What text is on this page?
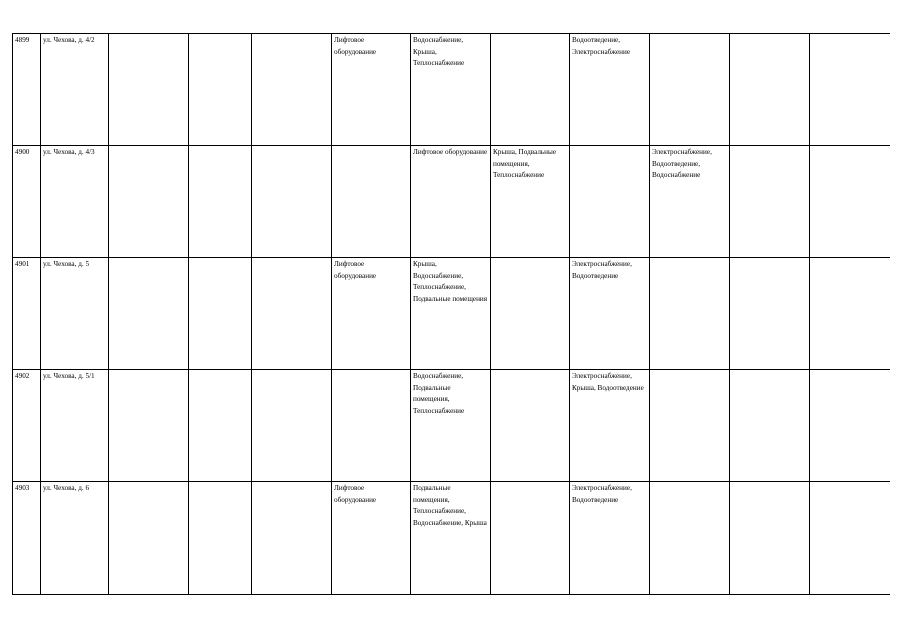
4899	ул. Чехова, д. 4/2				Лифтовое оборудование	Водоснабжение, Крыша, Теплоснабжение		Водоотведение, Электроснабжение			
4900	ул. Чехова, д. 4/3					Лифтовое оборудование	Крыша, Подвальные помещения, Теплоснабжение		Электроснабжение, Водоотведение, Водоснабжение		
4901	ул. Чехова, д. 5				Лифтовое оборудование	Крыша, Водоснабжение, Теплоснабжение, Подвальные помещения		Электроснабжение, Водоотведение			
4902	ул. Чехова, д. 5/1					Водоснабжение, Подвальные помещения, Теплоснабжение		Электроснабжение, Крыша, Водоотведение			
4903	ул. Чехова, д. 6				Лифтовое оборудование	Подвальные помещения, Теплоснабжение, Водоснабжение, Крыша		Электроснабжение, Водоотведение			
